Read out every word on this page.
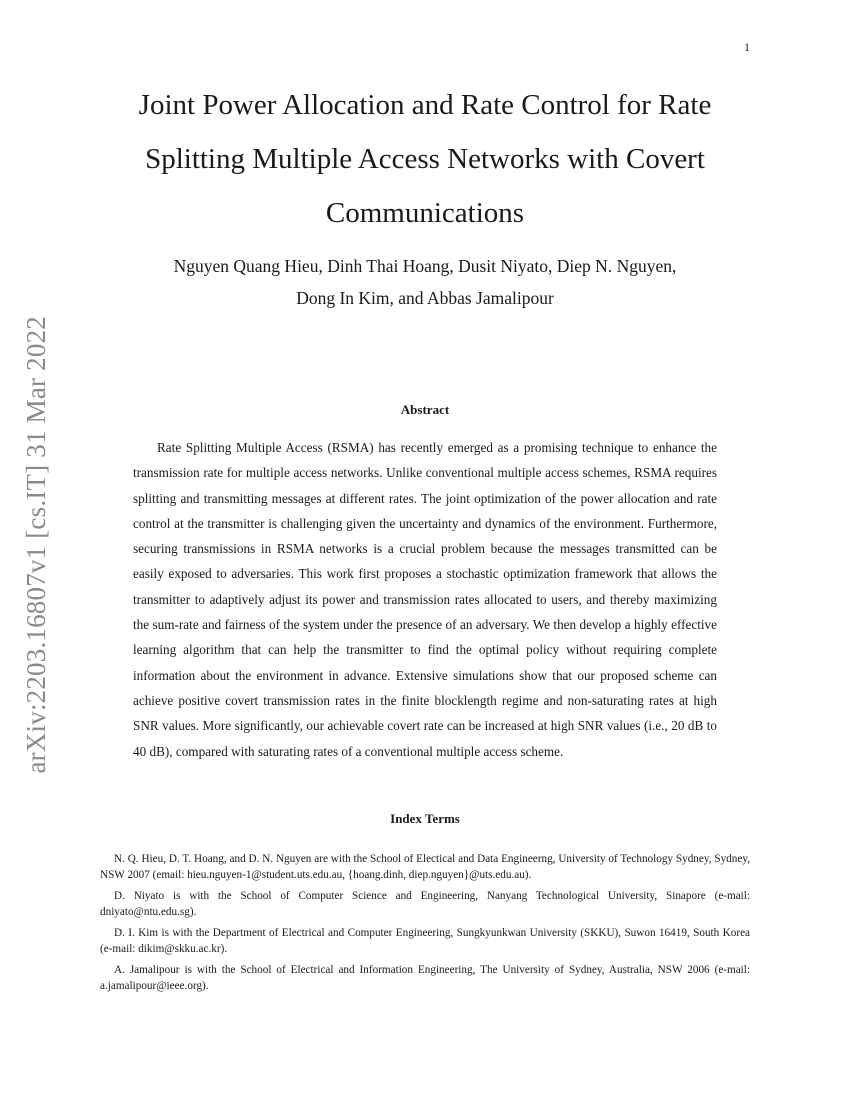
1
arXiv:2203.16807v1 [cs.IT] 31 Mar 2022
Joint Power Allocation and Rate Control for Rate
Splitting Multiple Access Networks with Covert
Communications
Nguyen Quang Hieu, Dinh Thai Hoang, Dusit Niyato, Diep N. Nguyen,
Dong In Kim, and Abbas Jamalipour
Abstract

Rate Splitting Multiple Access (RSMA) has recently emerged as a promising technique to enhance the transmission rate for multiple access networks. Unlike conventional multiple access schemes, RSMA requires splitting and transmitting messages at different rates. The joint optimization of the power allocation and rate control at the transmitter is challenging given the uncertainty and dynamics of the environment. Furthermore, securing transmissions in RSMA networks is a crucial problem because the messages transmitted can be easily exposed to adversaries. This work first proposes a stochastic optimization framework that allows the transmitter to adaptively adjust its power and transmission rates allocated to users, and thereby maximizing the sum-rate and fairness of the system under the presence of an adversary. We then develop a highly effective learning algorithm that can help the transmitter to find the optimal policy without requiring complete information about the environment in advance. Extensive simulations show that our proposed scheme can achieve positive covert transmission rates in the finite blocklength regime and non-saturating rates at high SNR values. More significantly, our achievable covert rate can be increased at high SNR values (i.e., 20 dB to 40 dB), compared with saturating rates of a conventional multiple access scheme.

Index Terms

N. Q. Hieu, D. T. Hoang, and D. N. Nguyen are with the School of Electical and Data Engineerng, University of Technology Sydney, Sydney, NSW 2007 (email: hieu.nguyen-1@student.uts.edu.au, {hoang.dinh, diep.nguyen}@uts.edu.au).

D. Niyato is with the School of Computer Science and Engineering, Nanyang Technological University, Sinapore (e-mail: dniyato@ntu.edu.sg).

D. I. Kim is with the Department of Electrical and Computer Engineering, Sungkyunkwan University (SKKU), Suwon 16419, South Korea (e-mail: dikim@skku.ac.kr).

A. Jamalipour is with the School of Electrical and Information Engineering, The University of Sydney, Australia, NSW 2006 (e-mail: a.jamalipour@ieee.org).
